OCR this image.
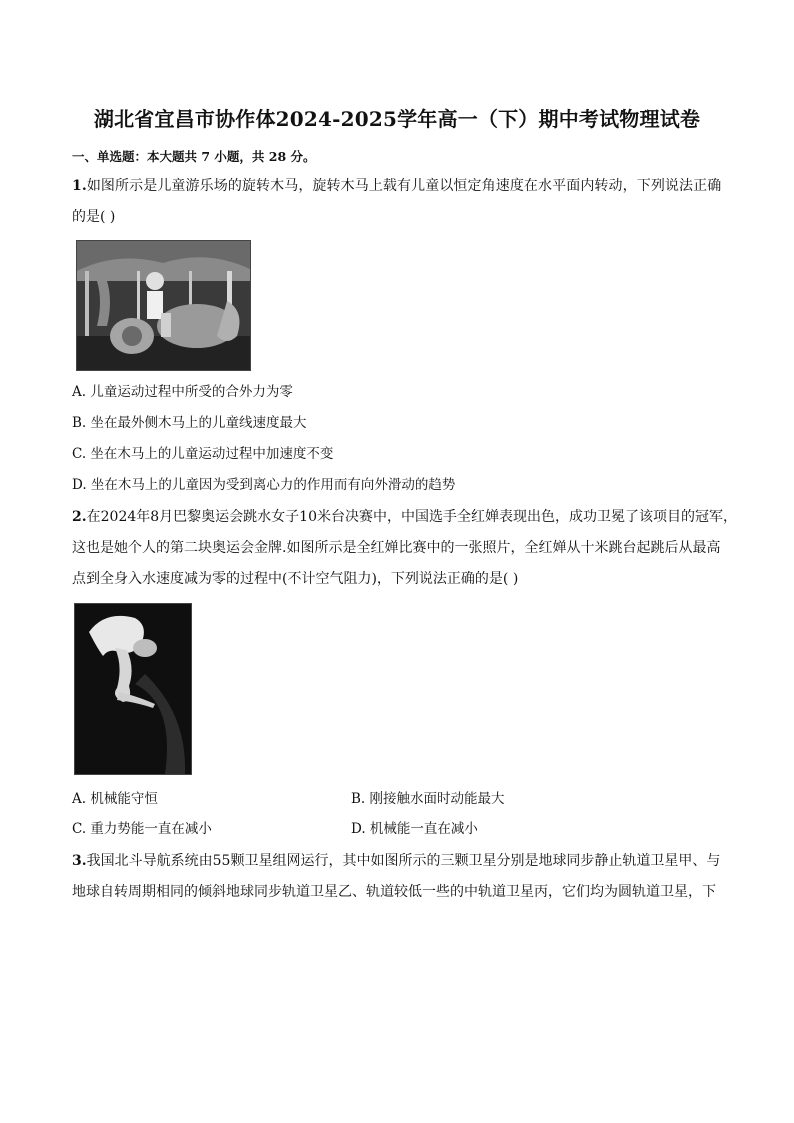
湖北省宜昌市协作体2024-2025学年高一（下）期中考试物理试卷
一、单选题：本大题共 7 小题，共 28 分。
1.如图所示是儿童游乐场的旋转木马，旋转木马上载有儿童以恒定角速度在水平面内转动，下列说法正确
的是( )
A. 儿童运动过程中所受的合外力为零
B. 坐在最外侧木马上的儿童线速度最大
C. 坐在木马上的儿童运动过程中加速度不变
D. 坐在木马上的儿童因为受到离心力的作用而有向外滑动的趋势
2.在2024年8月巴黎奥运会跳水女子10米台决赛中，中国选手全红婵表现出色，成功卫冕了该项目的冠军，
这也是她个人的第二块奥运会金牌.如图所示是全红婵比赛中的一张照片，全红婵从十米跳台起跳后从最高
点到全身入水速度减为零的过程中(不计空气阻力)，下列说法正确的是( )
A. 机械能守恒	B. 刚接触水面时动能最大
C. 重力势能一直在减小	D. 机械能一直在减小
3.我国北斗导航系统由55颗卫星组网运行，其中如图所示的三颗卫星分别是地球同步静止轨道卫星甲、与
地球自转周期相同的倾斜地球同步轨道卫星乙、轨道较低一些的中轨道卫星丙，它们均为圆轨道卫星，下
